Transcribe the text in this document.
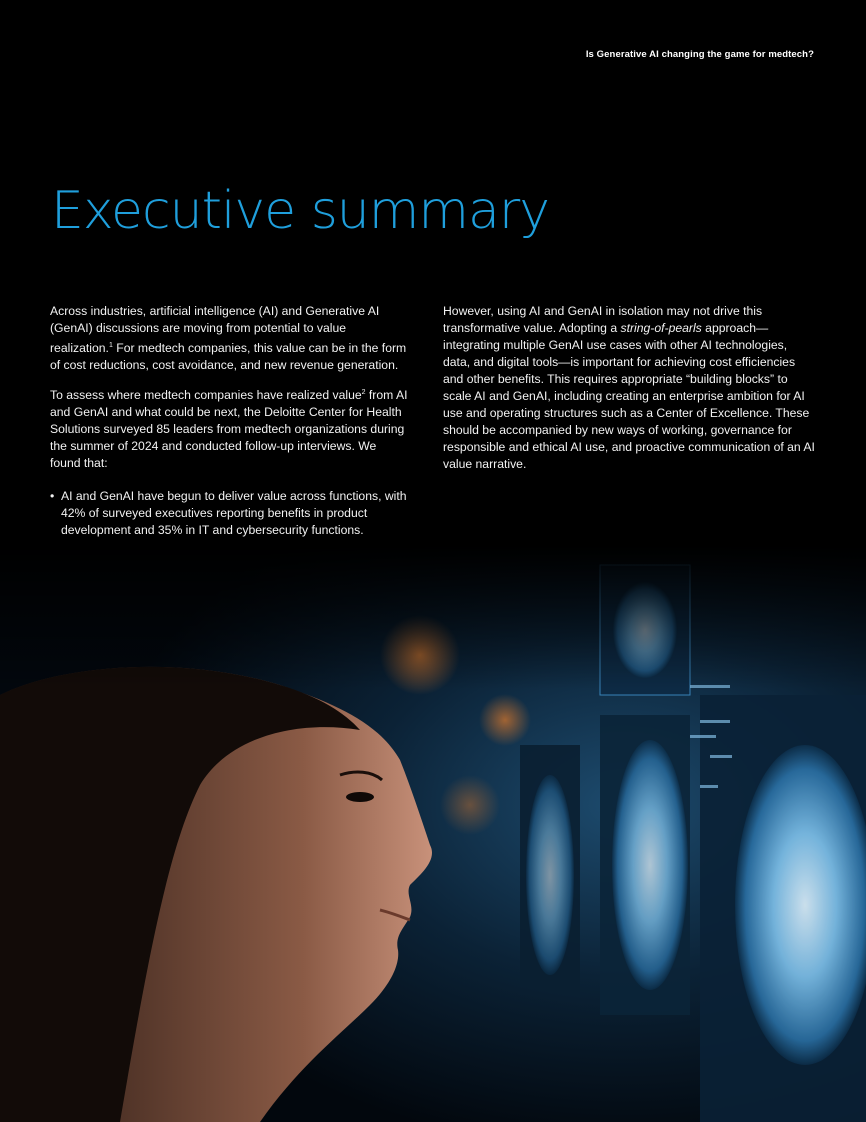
Is Generative AI changing the game for medtech?
Executive summary

Across industries, artificial intelligence (AI) and Generative AI (GenAI) discussions are moving from potential to value realization.$^1$ For medtech companies, this value can be in the form of cost reductions, cost avoidance, and new revenue generation.

To assess where medtech companies have realized value$^2$ from AI and GenAI and what could be next, the Deloitte Center for Health Solutions surveyed 85 leaders from medtech organizations during the summer of 2024 and conducted follow-up interviews. We found that:

• AI and GenAI have begun to deliver value across functions, with 42% of surveyed executives reporting benefits in product development and 35% in IT and cybersecurity functions.
•

However, using AI and GenAI in isolation may not drive this transformative value. Adopting a string-of-pearls approach—integrating multiple GenAI use cases with other AI technologies, data, and digital tools—is important for achieving cost efficiencies and other benefits. This requires appropriate “building blocks” to scale AI and GenAI, including creating an enterprise ambition for AI use and operating structures such as a Center of Excellence. These should be accompanied by new ways of working, governance for responsible and ethical AI use, and proactive communication of an AI value narrative.
